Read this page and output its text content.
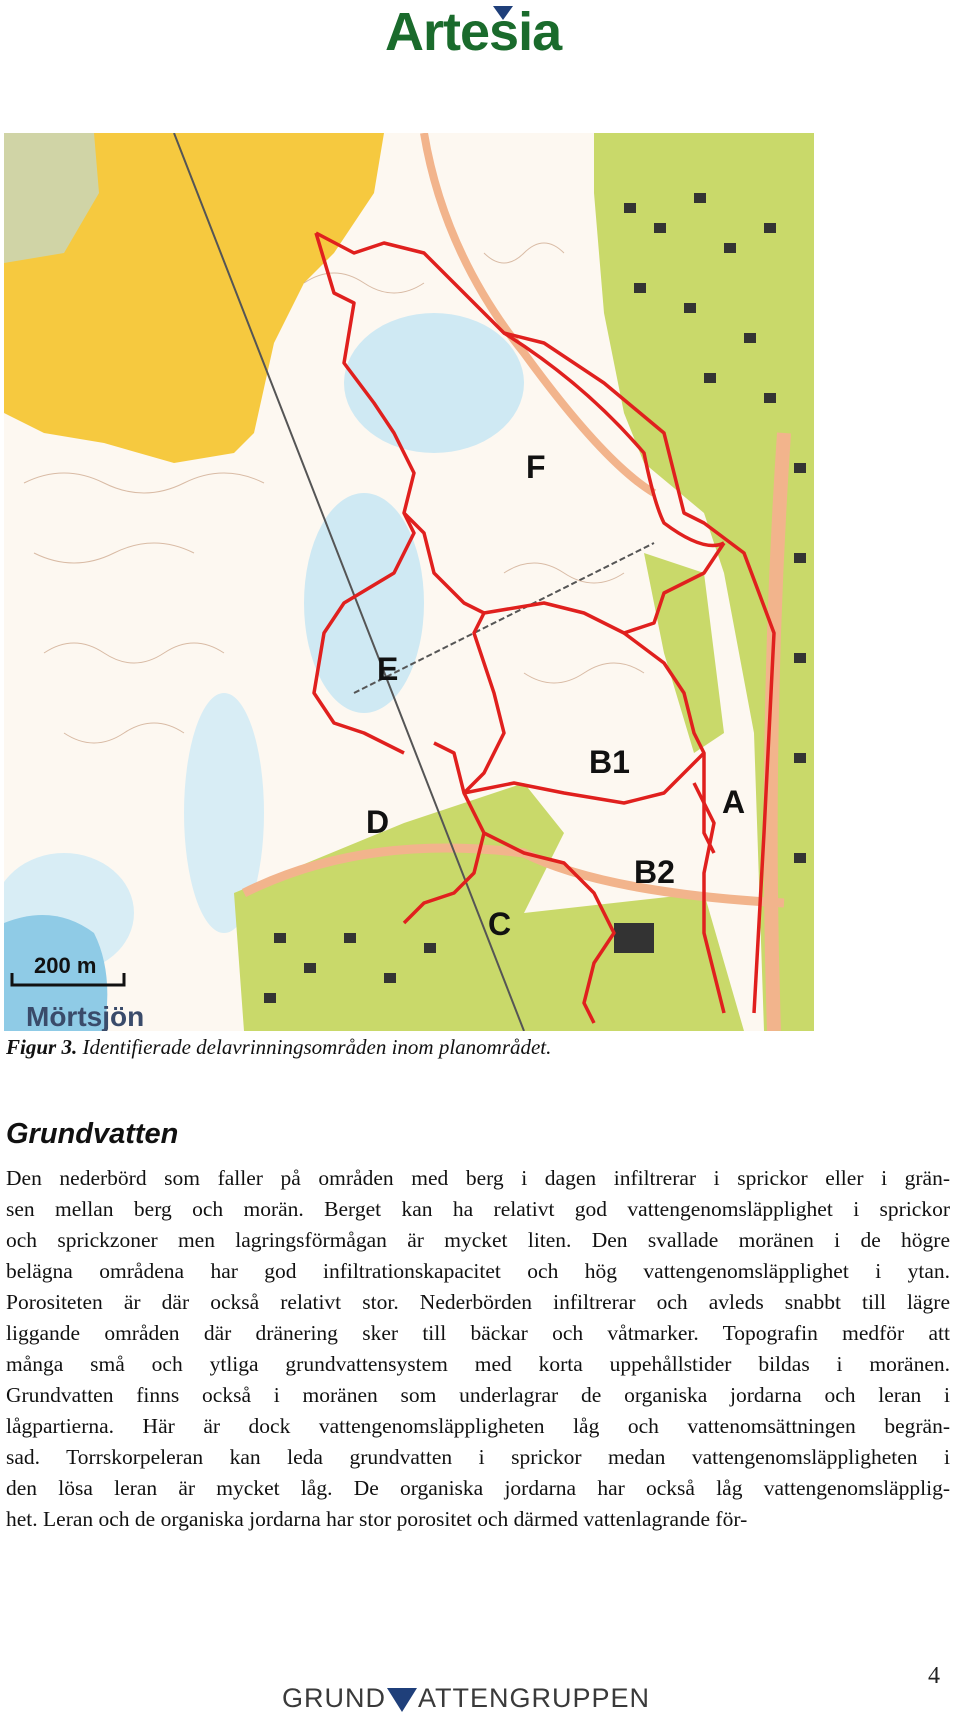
Artes
ia
F
E
B1
A
D
B2
C
200 m
Mörtsjön
Figur 3. Identifierade delavrinningsområden inom planområdet.
Grundvatten
Den nederbörd som faller på områden med berg i dagen infiltrerar i sprickor eller i grän-
sen mellan berg och morän. Berget kan ha relativt god vattengenomsläpplighet i sprickor
och sprickzoner men lagringsförmågan är mycket liten. Den svallade moränen i de högre
belägna områdena har god infiltrationskapacitet och hög vattengenomsläpplighet i ytan.
Porositeten är där också relativt stor. Nederbörden infiltrerar och avleds snabbt till lägre
liggande områden där dränering sker till bäckar och våtmarker. Topografin medför att
många små och ytliga grundvattensystem med korta uppehållstider bildas i moränen.
Grundvatten finns också i moränen som underlagrar de organiska jordarna och leran i
lågpartierna. Här är dock vattengenomsläppligheten låg och vattenomsättningen begrän-
sad. Torrskorpeleran kan leda grundvatten i sprickor medan vattengenomsläppligheten i
den lösa leran är mycket låg. De organiska jordarna har också låg vattengenomsläpplig-
het. Leran och de organiska jordarna har stor porositet och därmed vattenlagrande för-
GRUND ATTENGRUPPEN
4
